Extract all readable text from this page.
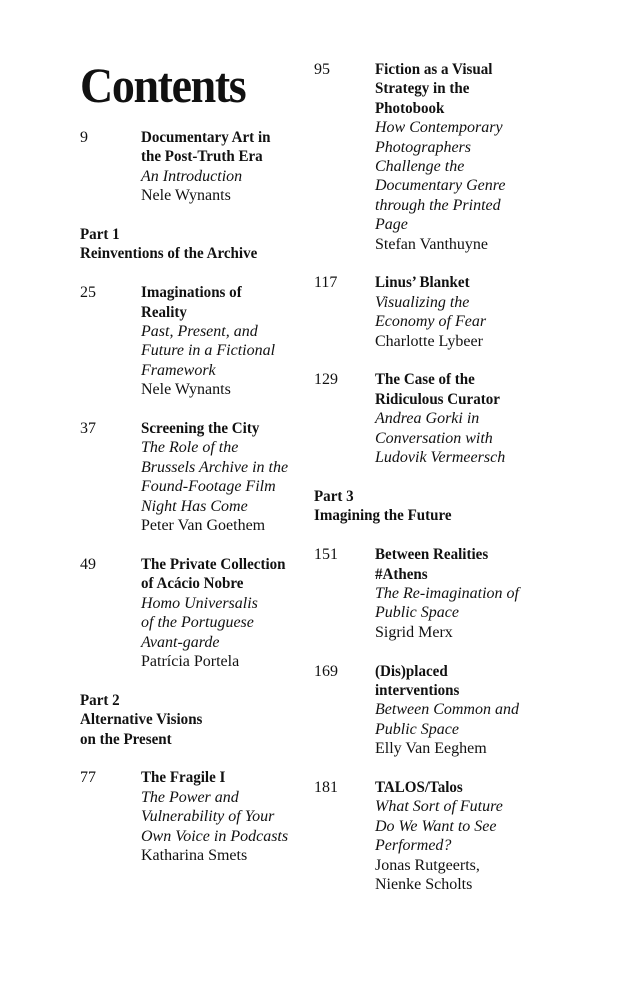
Contents
9	Documentary Art in
the Post-Truth Era
An Introduction
Nele Wynants
Part 1
Reinventions of the Archive
25	Imaginations of
Reality
Past, Present, and
Future in a Fictional
Framework
Nele Wynants
37	Screening the City
The Role of the
Brussels Archive in the
Found-Footage Film
Night Has Come
Peter Van Goethem
49	The Private Collection
of Acácio Nobre
Homo Universalis
of the Portuguese
Avant-garde
Patrícia Portela
Part 2
Alternative Visions
on the Present
77	The Fragile I
The Power and
Vulnerability of Your
Own Voice in Podcasts
Katharina Smets
95	Fiction as a Visual
Strategy in the
Photobook
How Contemporary
Photographers
Challenge the
Documentary Genre
through the Printed
Page
Stefan Vanthuyne
117	Linus’ Blanket
Visualizing the
Economy of Fear
Charlotte Lybeer
129	The Case of the
Ridiculous Curator
Andrea Gorki in
Conversation with
Ludovik Vermeersch
Part 3
Imagining the Future
151	Between Realities
#Athens
The Re-imagination of
Public Space
Sigrid Merx
169	(Dis)placed
interventions
Between Common and
Public Space
Elly Van Eeghem
181	TALOS/Talos
What Sort of Future
Do We Want to See
Performed?
Jonas Rutgeerts,
Nienke Scholts
